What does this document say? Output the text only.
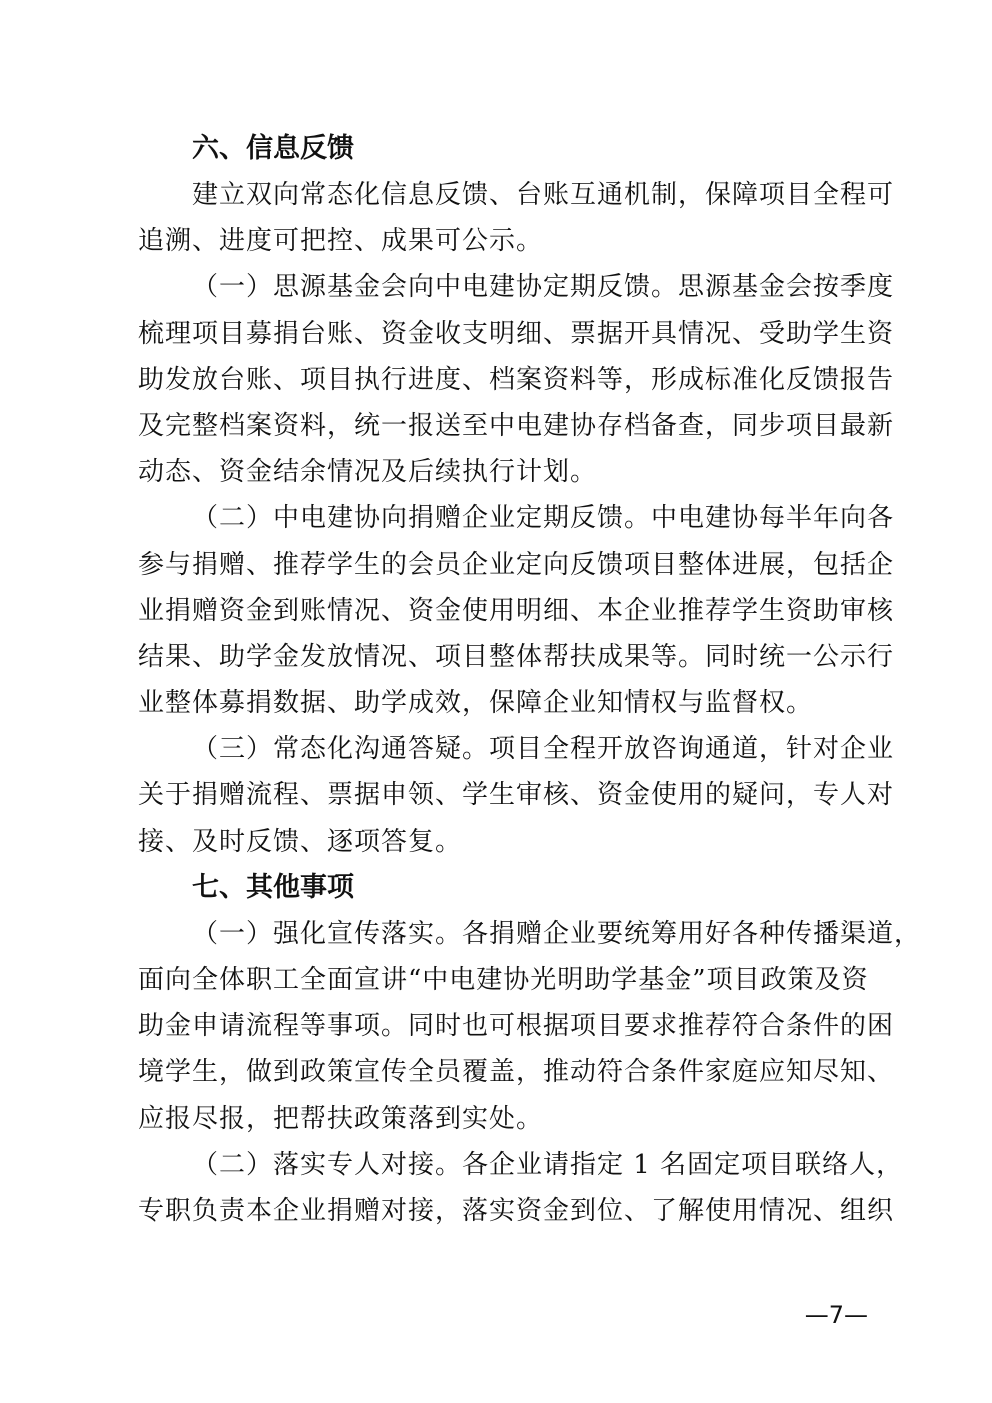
六、信息反馈
建立双向常态化信息反馈、台账互通机制，保障项目全程可
追溯、进度可把控、成果可公示。
（一）思源基金会向中电建协定期反馈。思源基金会按季度
梳理项目募捐台账、资金收支明细、票据开具情况、受助学生资
助发放台账、项目执行进度、档案资料等，形成标准化反馈报告
及完整档案资料，统一报送至中电建协存档备查，同步项目最新
动态、资金结余情况及后续执行计划。
（二）中电建协向捐赠企业定期反馈。中电建协每半年向各
参与捐赠、推荐学生的会员企业定向反馈项目整体进展，包括企
业捐赠资金到账情况、资金使用明细、本企业推荐学生资助审核
结果、助学金发放情况、项目整体帮扶成果等。同时统一公示行
业整体募捐数据、助学成效，保障企业知情权与监督权。
（三）常态化沟通答疑。项目全程开放咨询通道，针对企业
关于捐赠流程、票据申领、学生审核、资金使用的疑问，专人对
接、及时反馈、逐项答复。
七、其他事项
（一）强化宣传落实。各捐赠企业要统筹用好各种传播渠道，
面向全体职工全面宣讲“中电建协光明助学基金”项目政策及资
助金申请流程等事项。同时也可根据项目要求推荐符合条件的困
境学生，做到政策宣传全员覆盖，推动符合条件家庭应知尽知、
应报尽报，把帮扶政策落到实处。
（二）落实专人对接。各企业请指定 1 名固定项目联络人，
专职负责本企业捐赠对接，落实资金到位、了解使用情况、组织
—7—
